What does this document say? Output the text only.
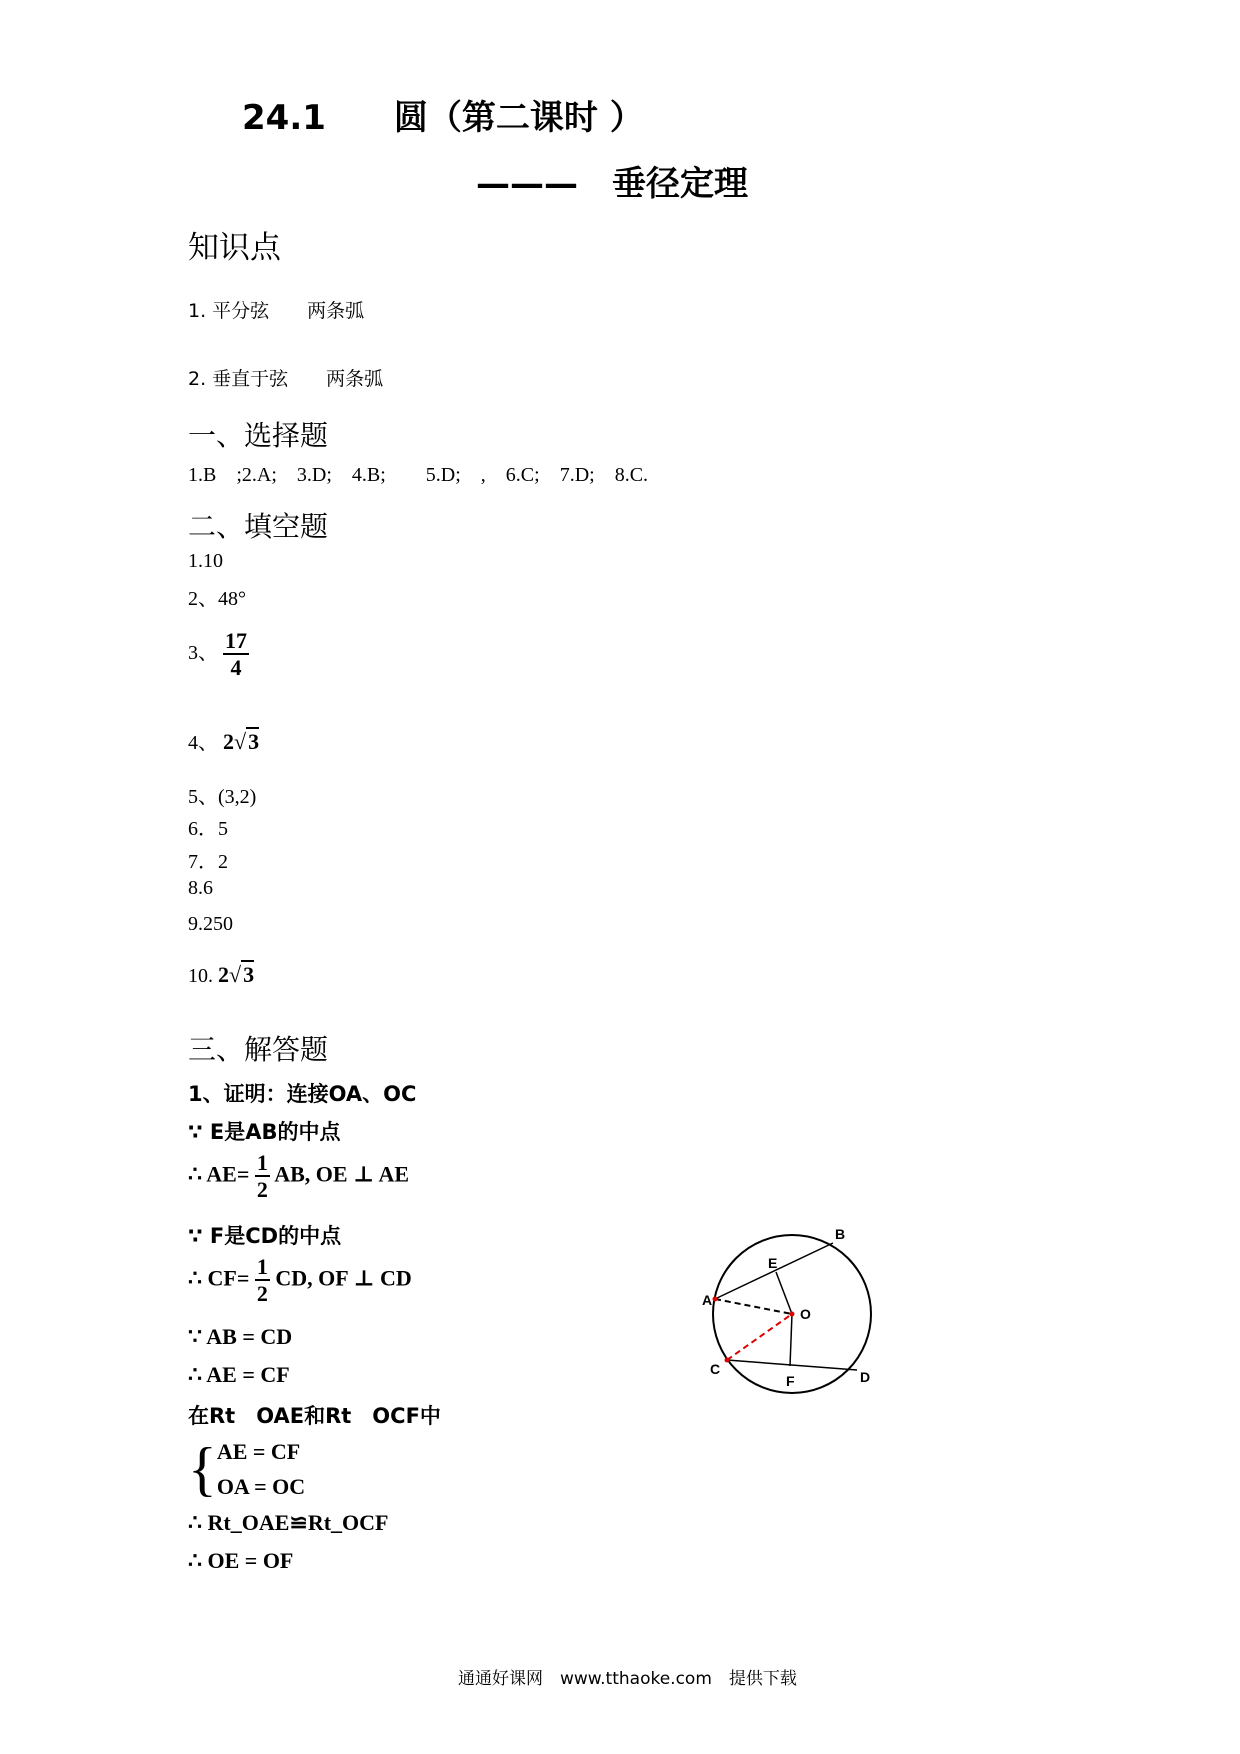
24.1　　圆（第二课时 ）
———　垂径定理
知识点
1. 平分弦　　两条弧
2. 垂直于弦　　两条弧
一、选择题
1.B　;2.A;　3.D;　4.B;　　5.D;　,　6.C;　7.D;　8.C.
二、填空题
1.10
2、48°
3、 $\frac{17}{4}$
4、 2√3
5、(3,2)
6．5
7．2
8.6
9.250
10. 2√3
三、解答题
1、证明：连接OA、OC
∵ E是AB的中点
∴ $AE= \frac{1}{2}$ AB, OE ⊥ AE
∵ F是CD的中点
∴ $CF= \frac{1}{2}$ CD, OF ⊥ CD
∵ AB = CD
∴ AE = CF
在Rt　OAE和Rt　OCF中
{ AE = CF
OA = OC
∴ Rt_OAE≌Rt_OCF
∴ OE = OF
A
B
C	D
E
F
O
通通好课网　www.tthaoke.com　提供下载
